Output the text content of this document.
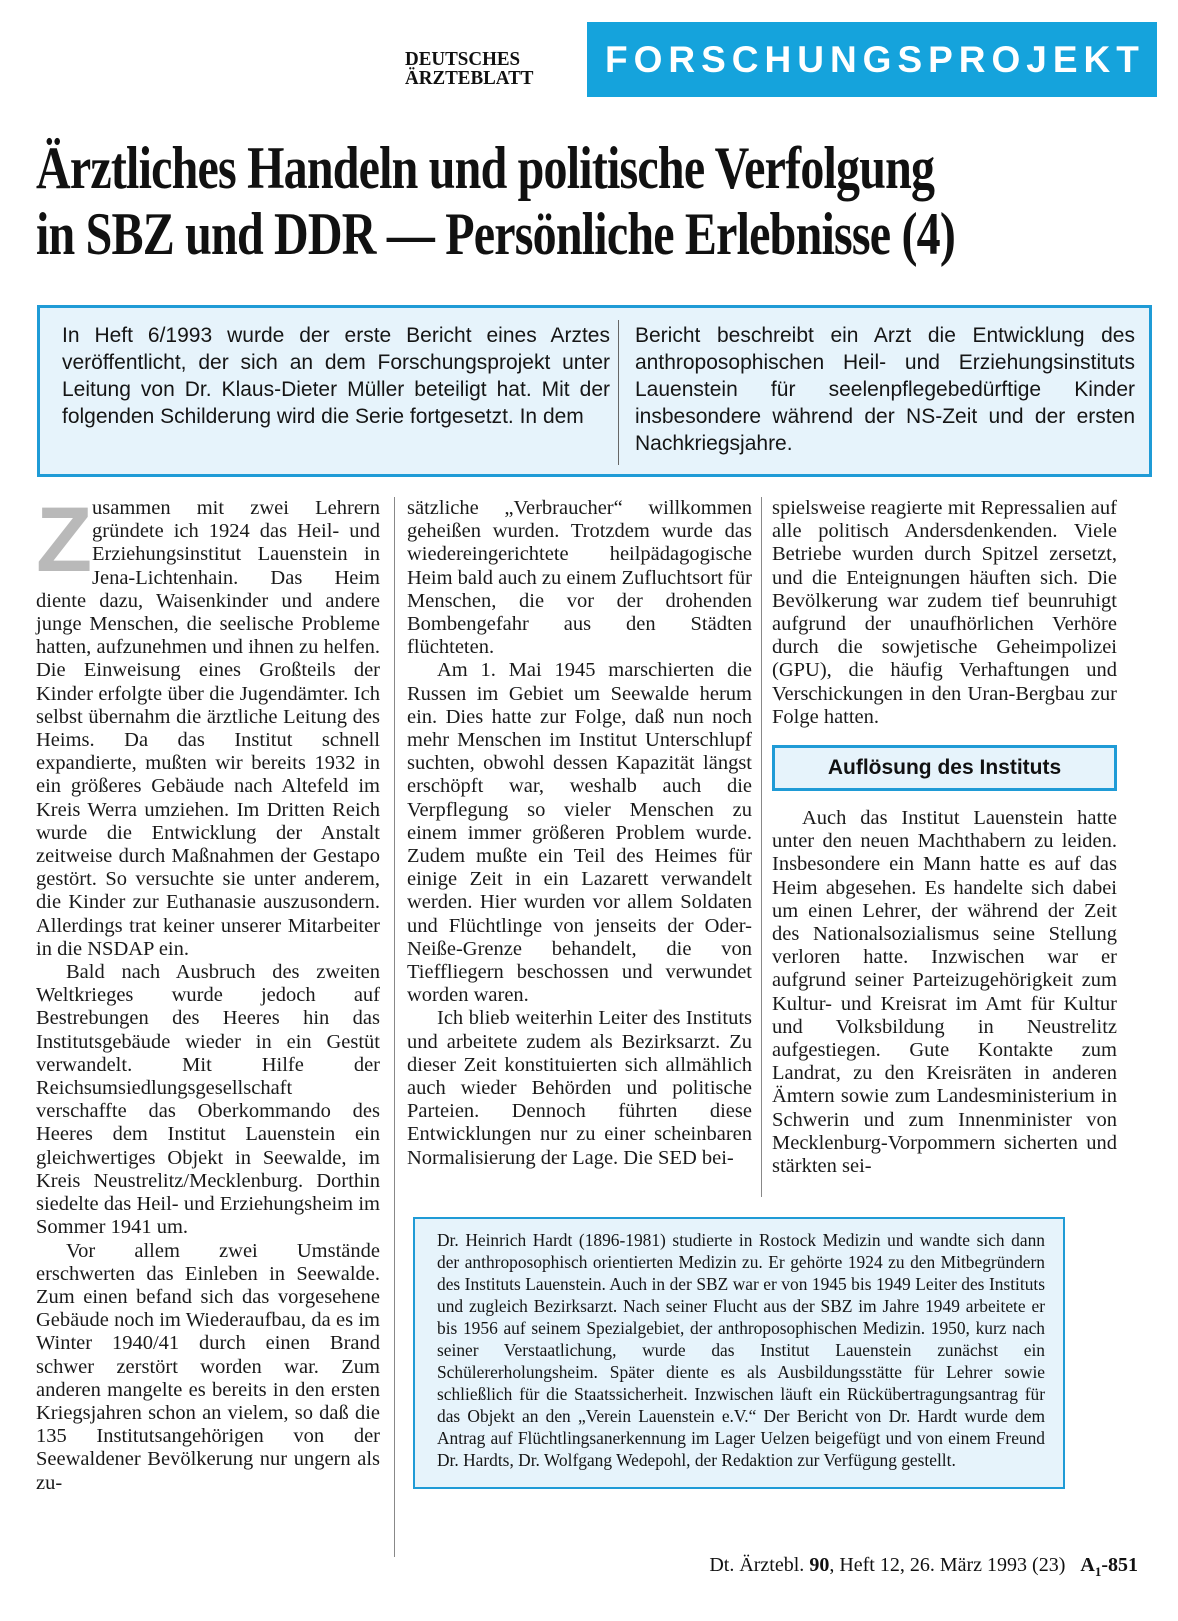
DEUTSCHES
ÄRZTEBLATT	FORSCHUNGSPROJEKT
Ärztliches Handeln und politische Verfolgung
in SBZ und DDR — Persönliche Erlebnisse (4)
In Heft 6/1993 wurde der erste Bericht eines Arztes veröffentlicht, der sich an dem Forschungsprojekt unter Leitung von Dr. Klaus-Dieter Müller beteiligt hat. Mit der folgenden Schilderung wird die Serie fortgesetzt. In dem
Bericht beschreibt ein Arzt die Entwicklung des anthroposophischen Heil- und Erziehungsinstituts Lauenstein für seelenpflegebedürftige Kinder insbesondere während der NS-Zeit und der ersten Nachkriegsjahre.

Zusammen mit zwei Lehrern gründete ich 1924 das Heil- und Erziehungsinstitut Lauenstein in Jena-Lichtenhain. Das Heim diente dazu, Waisenkinder und andere junge Menschen, die seelische Probleme hatten, aufzunehmen und ihnen zu helfen. Die Einweisung eines Großteils der Kinder erfolgte über die Jugendämter. Ich selbst übernahm die ärztliche Leitung des Heims. Da das Institut schnell expandierte, mußten wir bereits 1932 in ein größeres Gebäude nach Altefeld im Kreis Werra umziehen. Im Dritten Reich wurde die Entwicklung der Anstalt zeitweise durch Maßnahmen der Gestapo gestört. So versuchte sie unter anderem, die Kinder zur Euthanasie auszusondern. Allerdings trat keiner unserer Mitarbeiter in die NSDAP ein.

Bald nach Ausbruch des zweiten Weltkrieges wurde jedoch auf Bestrebungen des Heeres hin das Institutsgebäude wieder in ein Gestüt verwandelt. Mit Hilfe der Reichsumsiedlungsgesellschaft verschaffte das Oberkommando des Heeres dem Institut Lauenstein ein gleichwertiges Objekt in Seewalde, im Kreis Neustrelitz/Mecklenburg. Dorthin siedelte das Heil- und Erziehungsheim im Sommer 1941 um.

Vor allem zwei Umstände erschwerten das Einleben in Seewalde. Zum einen befand sich das vorgesehene Gebäude noch im Wiederaufbau, da es im Winter 1940/41 durch einen Brand schwer zerstört worden war. Zum anderen mangelte es bereits in den ersten Kriegsjahren schon an vielem, so daß die 135 Institutsangehörigen von der Seewaldener Bevölkerung nur ungern als zu-

sätzliche „Verbraucher“ willkommen geheißen wurden. Trotzdem wurde das wiedereingerichtete heilpädagogische Heim bald auch zu einem Zufluchtsort für Menschen, die vor der drohenden Bombengefahr aus den Städten flüchteten.

Am 1. Mai 1945 marschierten die Russen im Gebiet um Seewalde herum ein. Dies hatte zur Folge, daß nun noch mehr Menschen im Institut Unterschlupf suchten, obwohl dessen Kapazität längst erschöpft war, weshalb auch die Verpflegung so vieler Menschen zu einem immer größeren Problem wurde. Zudem mußte ein Teil des Heimes für einige Zeit in ein Lazarett verwandelt werden. Hier wurden vor allem Soldaten und Flüchtlinge von jenseits der Oder-Neiße-Grenze behandelt, die von Tieffliegern beschossen und verwundet worden waren.

Ich blieb weiterhin Leiter des Instituts und arbeitete zudem als Bezirksarzt. Zu dieser Zeit konstituierten sich allmählich auch wieder Behörden und politische Parteien. Dennoch führten diese Entwicklungen nur zu einer scheinbaren Normalisierung der Lage. Die SED bei-

spielsweise reagierte mit Repressalien auf alle politisch Andersdenkenden. Viele Betriebe wurden durch Spitzel zersetzt, und die Enteignungen häuften sich. Die Bevölkerung war zudem tief beunruhigt aufgrund der unaufhörlichen Verhöre durch die sowjetische Geheimpolizei (GPU), die häufig Verhaftungen und Verschickungen in den Uran-Bergbau zur Folge hatten.

Auflösung des Instituts

Auch das Institut Lauenstein hatte unter den neuen Machthabern zu leiden. Insbesondere ein Mann hatte es auf das Heim abgesehen. Es handelte sich dabei um einen Lehrer, der während der Zeit des Nationalsozialismus seine Stellung verloren hatte. Inzwischen war er aufgrund seiner Parteizugehörigkeit zum Kultur- und Kreisrat im Amt für Kultur und Volksbildung in Neustrelitz aufgestiegen. Gute Kontakte zum Landrat, zu den Kreisräten in anderen Ämtern sowie zum Landesministerium in Schwerin und zum Innenminister von Mecklenburg-Vorpommern sicherten und stärkten sei-

Dr. Heinrich Hardt (1896-1981) studierte in Rostock Medizin und wandte sich dann der anthroposophisch orientierten Medizin zu. Er gehörte 1924 zu den Mitbegründern des Instituts Lauenstein. Auch in der SBZ war er von 1945 bis 1949 Leiter des Instituts und zugleich Bezirksarzt. Nach seiner Flucht aus der SBZ im Jahre 1949 arbeitete er bis 1956 auf seinem Spezialgebiet, der anthroposophischen Medizin. 1950, kurz nach seiner Verstaatlichung, wurde das Institut Lauenstein zunächst ein Schülererholungsheim. Später diente es als Ausbildungsstätte für Lehrer sowie schließlich für die Staatssicherheit. Inzwischen läuft ein Rückübertragungsantrag für das Objekt an den „Verein Lauenstein e.V.“ Der Bericht von Dr. Hardt wurde dem Antrag auf Flüchtlingsanerkennung im Lager Uelzen beigefügt und von einem Freund Dr. Hardts, Dr. Wolfgang Wedepohl, der Redaktion zur Verfügung gestellt.
Dt. Ärztebl. 90, Heft 12, 26. März 1993 (23) $A_1-851$
